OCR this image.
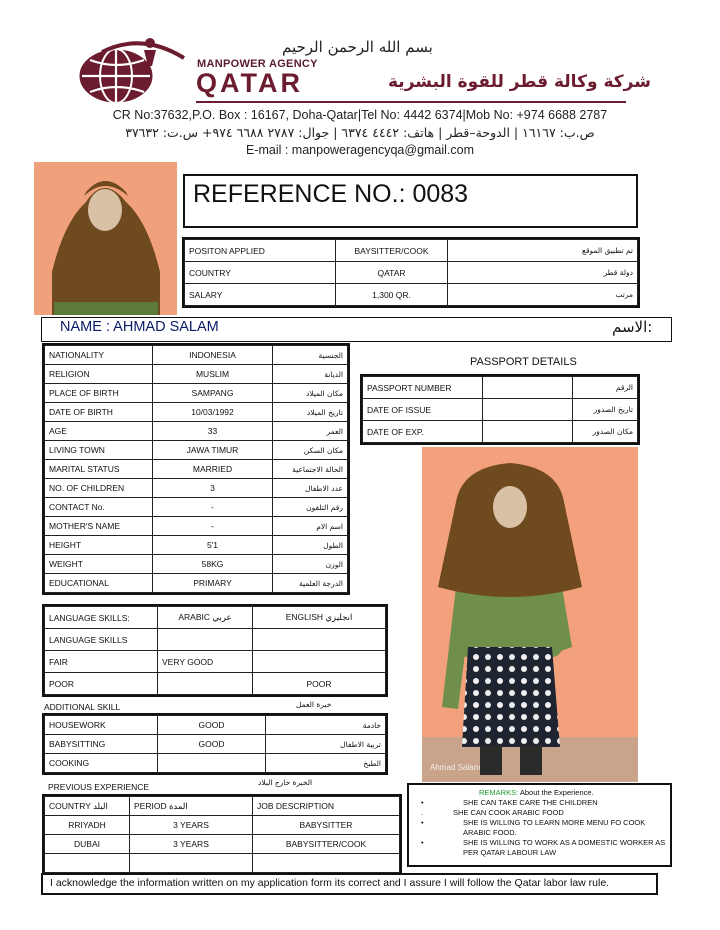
بسم الله الرحمن الرحيم
MANPOWER AGENCY
QATAR	شركة وكالة قطر للقوة البشرية
CR No:37632,P.O. Box : 16167, Doha-Qatar|Tel No: 4442 6374|Mob No: +974 6688 2787
ص.ب: ١٦١٦٧ | الدوحة–قطر | هاتف: ٤٤٤٢ ٦٣٧٤ | جوال: ٢٧٨٧ ٦٦٨٨ ٩٧٤+ س.ت: ٣٧٦٣٢
E-mail : manpoweragencyqa@gmail.com
REFERENCE NO.: 0083
POSITON APPLIED	BAYSITTER/COOK	تم تطبيق الموقع
COUNTRY	QATAR	دولة قطر
SALARY	1,300 QR.	مرتب
NAME : AHMAD SALAM	الاسم:
NATIONALITY	INDONESIA	الجنسية
RELIGION	MUSLIM	الديانة
PLACE OF BIRTH	SAMPANG	مكان الميلاد
DATE OF BIRTH	10/03/1992	تاريخ الميلاد
AGE	33	العمر
LIVING TOWN	JAWA TIMUR	مكان السكن
MARITAL STATUS	MARRIED	الحالة الاجتماعية
NO. OF CHILDREN	3	عدد الاطفال
CONTACT No.	-	رقم التلفون
MOTHER'S NAME	-	اسم الام
HEIGHT	5'1	الطول
WEIGHT	58KG	الوزن
EDUCATIONAL	PRIMARY	الدرجة العلمية
PASSPORT DETAILS
PASSPORT NUMBER		الرقم
DATE OF ISSUE		تاريخ الصدور
DATE OF EXP.		مكان الصدور
Ahmad Salam
LANGUAGE SKILLS:	ARABIC عربي	ENGLISH انجليزي
LANGUAGE SKILLS		
FAIR	VERY GOOD	
POOR		POOR
ADDITIONAL SKILL	خبرة العمل
HOUSEWORK	GOOD	خادمة
BABYSITTING	GOOD	تربية الاطفال
COOKING		الطبخ
PREVIOUS EXPERIENCE	الخبرة خارج البلاد
COUNTRY البلد	PERIOD المدة	JOB DESCRIPTION
RRIYADH	3 YEARS	BABYSITTER
DUBAI	3 YEARS	BABYSITTER/COOK

REMARKS: About the Experience.
•	SHE CAN TAKE CARE THE CHILDREN
.	SHE CAN COOK ARABIC FOOD
•	SHE IS WILLING TO LEARN MORE MENU FO COOK ARABIC FOOD.
•	SHE IS WILLING TO WORK AS A DOMESTIC WORKER AS PER QATAR LABOUR LAW
I acknowledge the information written on my application form its correct and I assure I will follow the Qatar labor law rule.
